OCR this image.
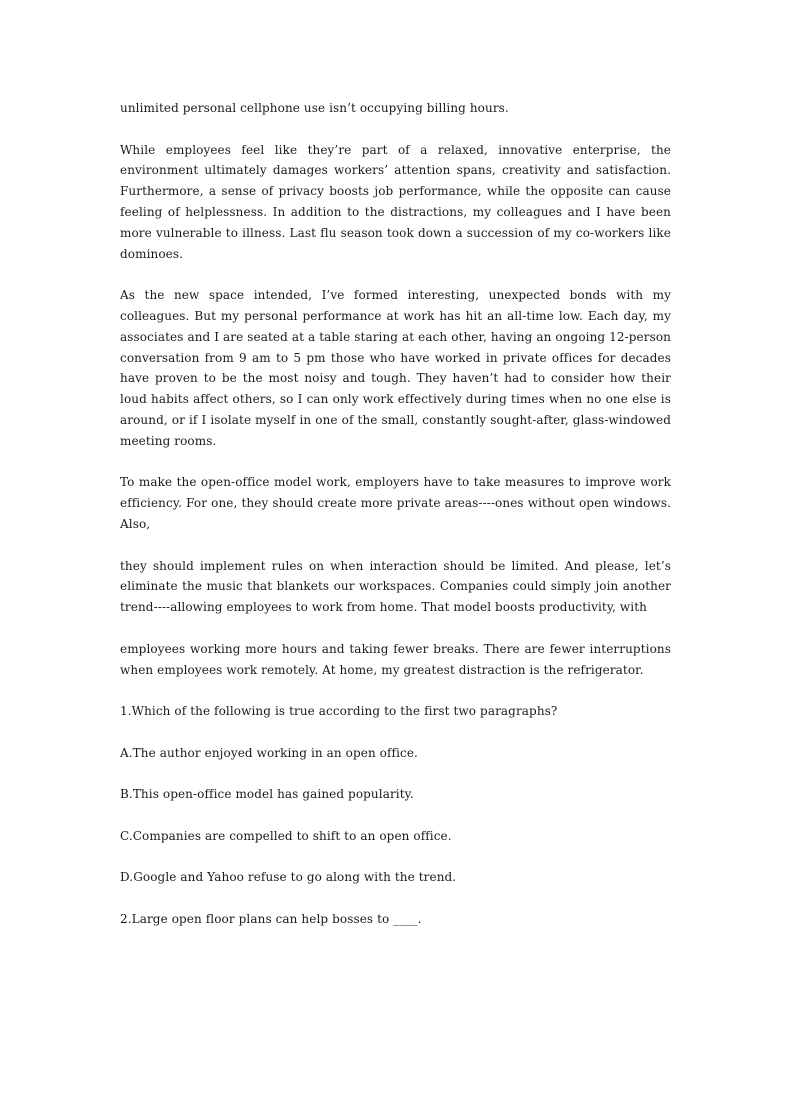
unlimited personal cellphone use isn’t occupying billing hours.

While employees feel like they’re part of a relaxed, innovative enterprise, the environment ultimately damages workers’ attention spans, creativity and satisfaction. Furthermore, a sense of privacy boosts job performance, while the opposite can cause feeling of helplessness. In addition to the distractions, my colleagues and I have been more vulnerable to illness. Last flu season took down a succession of my co-workers like dominoes.

As the new space intended, I’ve formed interesting, unexpected bonds with my colleagues. But my personal performance at work has hit an all-time low. Each day, my associates and I are seated at a table staring at each other, having an ongoing 12-person conversation from 9 am to 5 pm those who have worked in private offices for decades have proven to be the most noisy and tough. They haven’t had to consider how their loud habits affect others, so I can only work effectively during times when no one else is around, or if I isolate myself in one of the small, constantly sought-after, glass-windowed meeting rooms.

To make the open-office model work, employers have to take measures to improve work efficiency. For one, they should create more private areas----ones without open windows. Also,

they should implement rules on when interaction should be limited. And please, let’s eliminate the music that blankets our workspaces. Companies could simply join another trend----allowing employees to work from home. That model boosts productivity, with

employees working more hours and taking fewer breaks. There are fewer interruptions when employees work remotely. At home, my greatest distraction is the refrigerator.

1.Which of the following is true according to the first two paragraphs?

A.The author enjoyed working in an open office.

B.This open-office model has gained popularity.

C.Companies are compelled to shift to an open office.

D.Google and Yahoo refuse to go along with the trend.

2.Large open floor plans can help bosses to ____.
